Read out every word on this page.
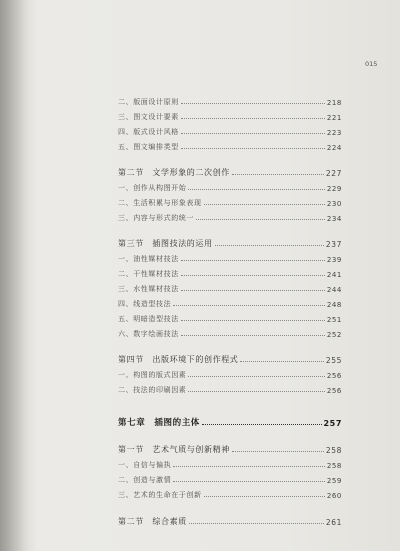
015
二、版面设计原则	218
三、图文设计要素	221
四、版式设计风格	223
五、图文编排类型	224
第二节　文学形象的二次创作	227
一、创作从构图开始	229
二、生活积累与形象表现	230
三、内容与形式的统一	234
第三节　插图技法的运用	237
一、油性媒材技法	239
二、干性媒材技法	241
三、水性媒材技法	244
四、线造型技法	248
五、明暗造型技法	251
六、数字绘画技法	252
第四节　出版环境下的创作程式	255
一、构图的版式因素	256
二、技法的印刷因素	256
第七章　插图的主体	257
第一节　艺术气质与创新精神	258
一、自信与偏执	258
二、创造与激情	259
三、艺术的生命在于创新	260
第二节　综合素质	261
